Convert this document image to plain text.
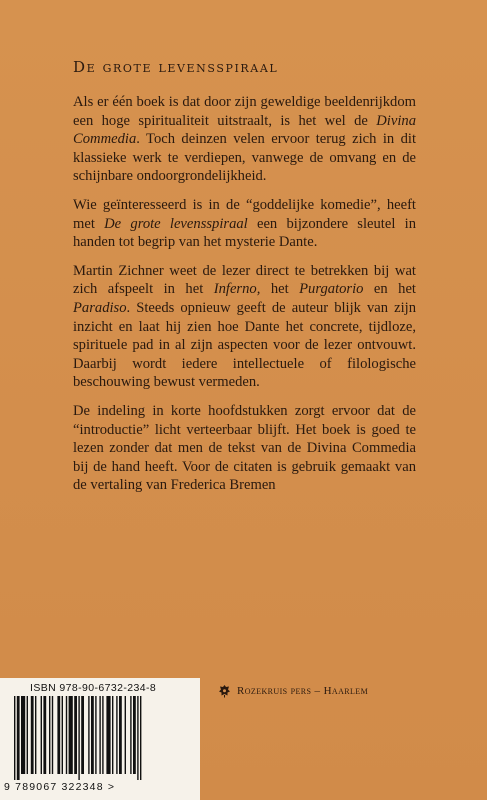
De grote levensspiraal

Als er één boek is dat door zijn geweldige beeldenrijkdom een hoge spiritualiteit uitstraalt, is het wel de Divina Commedia. Toch deinzen velen ervoor terug zich in dit klassieke werk te verdiepen, vanwege de omvang en de schijnbare ondoorgrondelijkheid.

Wie geïnteresseerd is in de “goddelijke komedie”, heeft met De grote levensspiraal een bijzondere sleutel in handen tot begrip van het mysterie Dante.

Martin Zichner weet de lezer direct te betrekken bij wat zich afspeelt in het Inferno, het Purgatorio en het Paradiso. Steeds opnieuw geeft de auteur blijk van zijn inzicht en laat hij zien hoe Dante het concrete, tijdloze, spirituele pad in al zijn aspecten voor de lezer ontvouwt. Daarbij wordt iedere intellectuele of filologische beschouwing bewust vermeden.

De indeling in korte hoofdstukken zorgt ervoor dat de “introductie” licht verteerbaar blijft. Het boek is goed te lezen zonder dat men de tekst van de Divina Commedia bij de hand heeft. Voor de citaten is gebruik gemaakt van de vertaling van Frederica Bremen

ISBN 978-90-6732-234-8
9 789067 322348 >
Rozekruis pers – Haarlem
